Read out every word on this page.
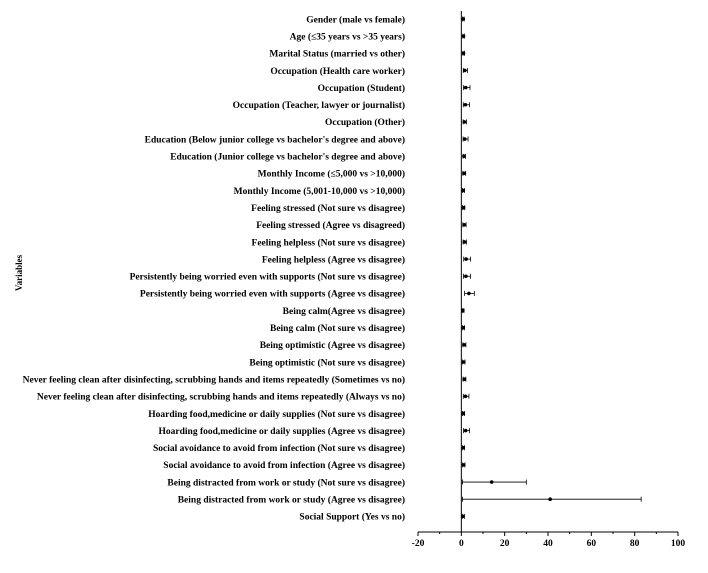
Variables
Gender (male vs female)
Age (≤35 years vs >35 years)
Marital Status (married vs other)
Occupation (Health care worker)
Occupation (Student)
Occupation (Teacher, lawyer or journalist)
Occupation (Other)
Education (Below junior college vs bachelor's degree and above)
Education (Junior college vs bachelor's degree and above)
Monthly Income (≤5,000 vs >10,000)
Monthly Income (5,001-10,000 vs >10,000)
Feeling stressed (Not sure vs disagree)
Feeling stressed (Agree vs disagreed)
Feeling helpless (Not sure vs disagree)
Feeling helpless (Agree vs disagree)
Persistently being worried even with supports (Not sure vs disagree)
Persistently being worried even with supports (Agree vs disagree)
Being calm(Agree vs disagree)
Being calm (Not sure vs disagree)
Being optimistic (Agree vs disagree)
Being optimistic (Not sure vs disagree)
Never feeling clean after disinfecting, scrubbing hands and items repeatedly (Sometimes vs no)
Never feeling clean after disinfecting, scrubbing hands and items repeatedly (Always vs no)
Hoarding food,medicine or daily supplies (Not sure vs disagree)
Hoarding food,medicine or daily supplies (Agree vs disagree)
Social avoidance to avoid from infection (Not sure vs disagree)
Social avoidance to avoid from infection (Agree vs disagree)
Being distracted from work or study (Not sure vs disagree)
Being distracted from work or study (Agree vs disagree)
Social Support (Yes vs no)
-20	0	20	40	60	80	100
